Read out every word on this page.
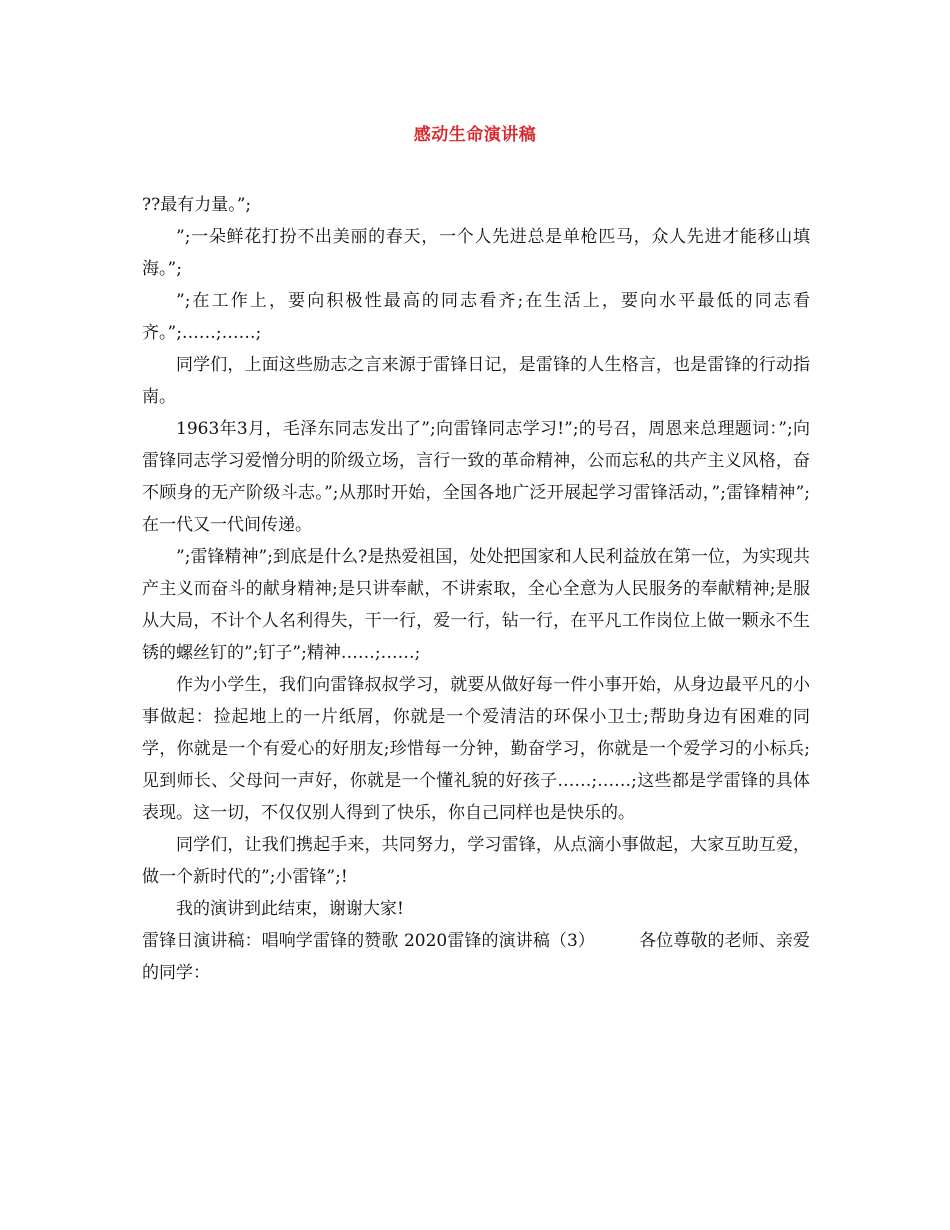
感动生命演讲稿

??最有力量。”;

”;一朵鲜花打扮不出美丽的春天，一个人先进总是单枪匹马，众人先进才能移山填海。”;

”;在工作上，要向积极性最高的同志看齐;在生活上，要向水平最低的同志看齐。”;……;……;

同学们，上面这些励志之言来源于雷锋日记，是雷锋的人生格言，也是雷锋的行动指南。

1963年3月，毛泽东同志发出了”;向雷锋同志学习!”;的号召，周恩来总理题词：”;向雷锋同志学习爱憎分明的阶级立场，言行一致的革命精神，公而忘私的共产主义风格，奋不顾身的无产阶级斗志。”;从那时开始，全国各地广泛开展起学习雷锋活动，”;雷锋精神”;在一代又一代间传递。

”;雷锋精神”;到底是什么?是热爱祖国，处处把国家和人民利益放在第一位，为实现共产主义而奋斗的献身精神;是只讲奉献，不讲索取，全心全意为人民服务的奉献精神;是服从大局，不计个人名利得失，干一行，爱一行，钻一行，在平凡工作岗位上做一颗永不生锈的螺丝钉的”;钉子”;精神……;……;

作为小学生，我们向雷锋叔叔学习，就要从做好每一件小事开始，从身边最平凡的小事做起：捡起地上的一片纸屑，你就是一个爱清洁的环保小卫士;帮助身边有困难的同学，你就是一个有爱心的好朋友;珍惜每一分钟，勤奋学习，你就是一个爱学习的小标兵;见到师长、父母问一声好，你就是一个懂礼貌的好孩子……;……;这些都是学雷锋的具体表现。这一切，不仅仅别人得到了快乐，你自己同样也是快乐的。

同学们，让我们携起手来，共同努力，学习雷锋，从点滴小事做起，大家互助互爱，做一个新时代的”;小雷锋”;!

我的演讲到此结束，谢谢大家!

雷锋日演讲稿：唱响学雷锋的赞歌 2020雷锋的演讲稿（3）	各位尊敬的老师、亲爱的同学：
